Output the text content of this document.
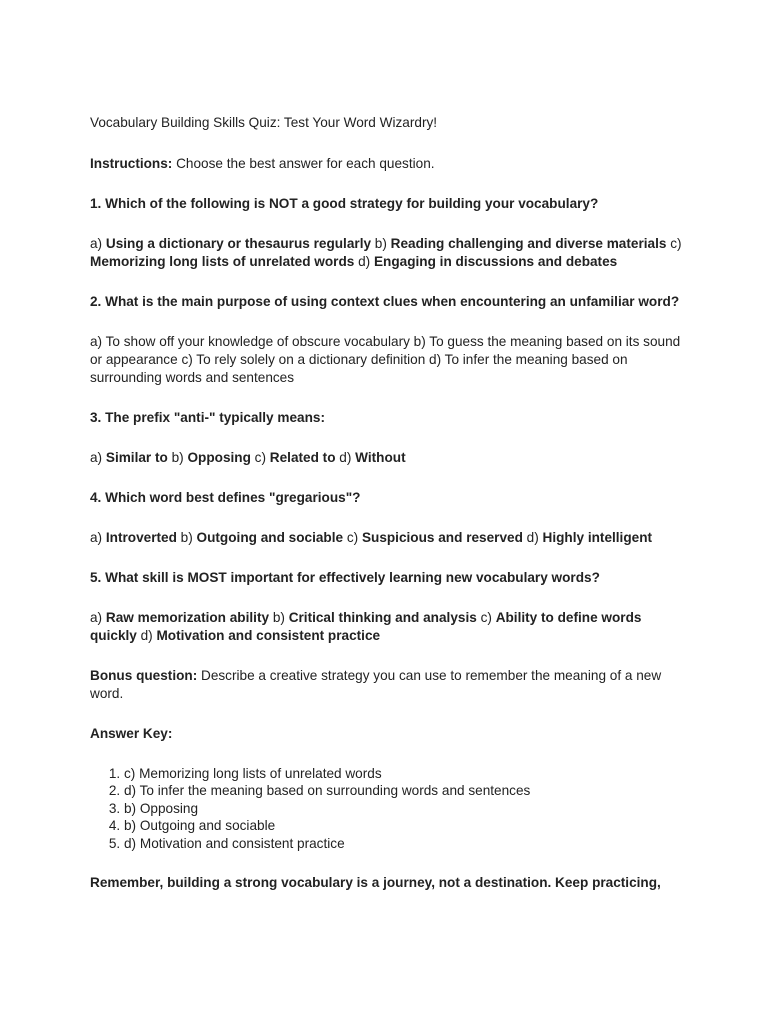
Vocabulary Building Skills Quiz: Test Your Word Wizardry!

Instructions: Choose the best answer for each question.

1. Which of the following is NOT a good strategy for building your vocabulary?

a) Using a dictionary or thesaurus regularly b) Reading challenging and diverse materials c) Memorizing long lists of unrelated words d) Engaging in discussions and debates

2. What is the main purpose of using context clues when encountering an unfamiliar word?

a) To show off your knowledge of obscure vocabulary b) To guess the meaning based on its sound or appearance c) To rely solely on a dictionary definition d) To infer the meaning based on surrounding words and sentences

3. The prefix "anti-" typically means:

a) Similar to b) Opposing c) Related to d) Without

4. Which word best defines "gregarious"?

a) Introverted b) Outgoing and sociable c) Suspicious and reserved d) Highly intelligent

5. What skill is MOST important for effectively learning new vocabulary words?

a) Raw memorization ability b) Critical thinking and analysis c) Ability to define words quickly d) Motivation and consistent practice

Bonus question: Describe a creative strategy you can use to remember the meaning of a new word.

Answer Key:

1. c) Memorizing long lists of unrelated words
2. d) To infer the meaning based on surrounding words and sentences
3. b) Opposing
4. b) Outgoing and sociable
5. d) Motivation and consistent practice

Remember, building a strong vocabulary is a journey, not a destination. Keep practicing,
